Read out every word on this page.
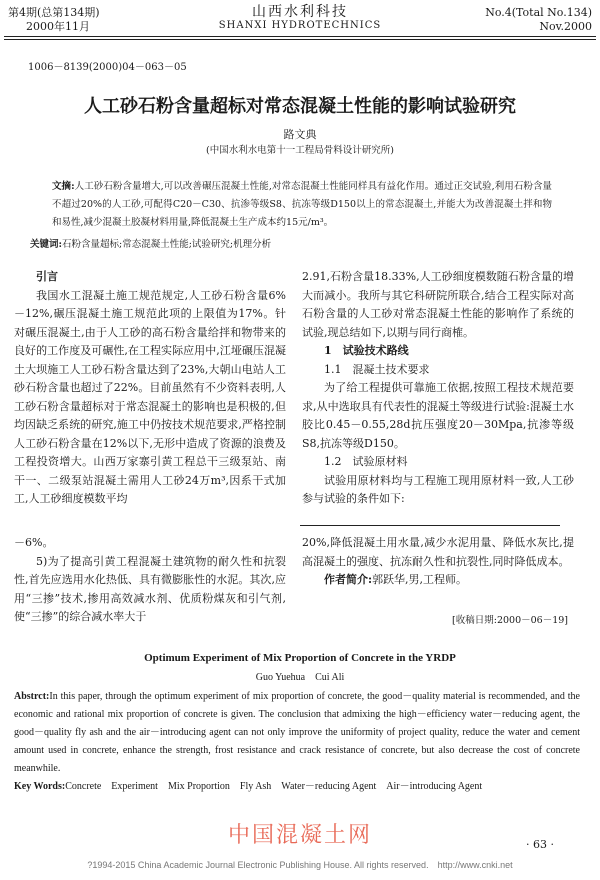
第4期(总第134期)
2000年11月
山西水利科技
SHANXI HYDROTECHNICS
No.4(Total No.134)
Nov.2000
1006－8139(2000)04－063－05
人工砂石粉含量超标对常态混凝土性能的影响试验研究
路文典
(中国水利水电第十一工程局骨料设计研究所)
文摘:人工砂石粉含量增大,可以改善碾压混凝土性能,对常态混凝土性能同样具有益化作用。通过正交试验,利用石粉含量不超过20%的人工砂,可配得C20－C30、抗渗等级S8、抗冻等级D150以上的常态混凝土,并能大为改善混凝土拌和物和易性,减少混凝土胶凝材料用量,降低混凝土生产成本约15元/m³。
关键词:石粉含量超标;常态混凝土性能;试验研究;机理分析

引言

我国水工混凝土施工规范规定,人工砂石粉含量6%－12%,碾压混凝土施工规范此项的上限值为17%。针对碾压混凝土,由于人工砂的高石粉含量给拌和物带来的良好的工作度及可碾性,在工程实际应用中,江垭碾压混凝土大坝施工人工砂石粉含量达到了23%,大朝山电站人工砂石粉含量也超过了22%。目前虽然有不少资料表明,人工砂石粉含量超标对于常态混凝土的影响也是积极的,但均因缺乏系统的研究,施工中仍按技术规范要求,严格控制人工砂石粉含量在12%以下,无形中造成了资源的浪费及工程投资增大。山西万家寨引黄工程总干三级泵站、南干一、二级泵站混凝土需用人工砂24万m³,因系干式加工,人工砂细度模数平均

2.91,石粉含量18.33%,人工砂细度模数随石粉含量的增大而减小。我所与其它科研院所联合,结合工程实际对高石粉含量的人工砂对常态混凝土性能的影响作了系统的试验,现总结如下,以期与同行商榷。

1　试验技术路线

1.1　混凝土技术要求

为了给工程提供可靠施工依据,按照工程技术规范要求,从中选取具有代表性的混凝土等级进行试验:混凝土水胶比0.45－0.55,28d抗压强度20－30Mpa,抗渗等级S8,抗冻等级D150。

1.2　试验原材料

试验用原材料均与工程施工现用原材料一致,人工砂参与试验的条件如下:

－6%。

5)为了提高引黄工程混凝土建筑物的耐久性和抗裂性,首先应选用水化热低、具有微膨胀性的水泥。其次,应用“三掺”技术,掺用高效减水剂、优质粉煤灰和引气剂,使“三掺”的综合减水率大于

20%,降低混凝土用水量,减少水泥用量、降低水灰比,提高混凝土的强度、抗冻耐久性和抗裂性,同时降低成本。

作者简介:郭跃华,男,工程师。

[收稿日期:2000－06－19]
Optimum Experiment of Mix Proportion of Concrete in the YRDP
Guo Yuehua　Cui Ali
Abstrct:In this paper, through the optimum experiment of mix proportion of concrete, the good－quality material is recommended, and the economic and rational mix proportion of concrete is given. The conclusion that admixing the high－efficiency water－reducing agent, the good－quality fly ash and the air－introducing agent can not only improve the uniformity of project quality, reduce the water and cement amount used in concrete, enhance the strength, frost resistance and crack resistance of concrete, but also decrease the cost of concrete meanwhile.
Key Words:Concrete　Experiment　Mix Proportion　Fly Ash　Water－reducing Agent　Air－introducing Agent
中国混凝土网	· 63 ·
?1994-2015 China Academic Journal Electronic Publishing House. All rights reserved.　http://www.cnki.net
